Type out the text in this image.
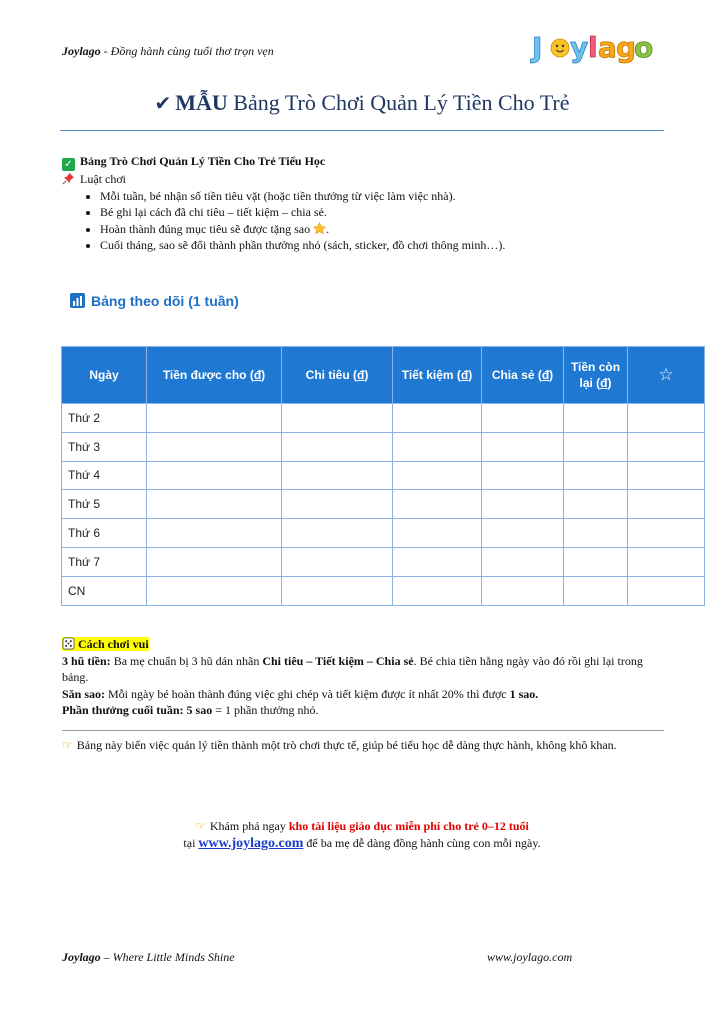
Joylago - Đồng hành cùng tuổi thơ trọn vẹn	J y l a g
o
✔ MẪU Bảng Trò Chơi Quản Lý Tiền Cho Trẻ
✓ Bảng Trò Chơi Quản Lý Tiền Cho Trẻ Tiểu Học
Luật chơi
• Mỗi tuần, bé nhận số tiền tiêu vặt (hoặc tiền thưởng từ việc làm việc nhà).
• Bé ghi lại cách đã chi tiêu – tiết kiệm – chia sẻ.
• Hoàn thành đúng mục tiêu sẽ được tặng sao .
• Cuối tháng, sao sẽ đổi thành phần thưởng nhỏ (sách, sticker, đồ chơi thông minh…).
Bảng theo dõi (1 tuần)
Ngày	Tiền được cho (đ)	Chi tiêu (đ)	Tiết kiệm (đ)	Chia sẻ (đ)	Tiền còn lại (đ)	☆
Thứ 2						
Thứ 3						
Thứ 4						
Thứ 5						
Thứ 6						
Thứ 7						
CN						
Cách chơi vui
3 hũ tiền: Ba mẹ chuẩn bị 3 hũ dán nhãn Chi tiêu – Tiết kiệm – Chia sẻ. Bé chia tiền hằng ngày vào đó rồi ghi lại trong bảng.
Săn sao: Mỗi ngày bé hoàn thành đúng việc ghi chép và tiết kiệm được ít nhất 20% thì được 1 sao.
Phần thưởng cuối tuần: 5 sao = 1 phần thưởng nhỏ.
☞ Bảng này biến việc quản lý tiền thành một trò chơi thực tế, giúp bé tiểu học dễ dàng thực hành, không khô khan.
☞ Khám phá ngay kho tài liệu giáo dục miễn phí cho trẻ 0–12 tuổi
tại www.joylago.com để ba mẹ dễ dàng đồng hành cùng con mỗi ngày.
Joylago – Where Little Minds Shine	www.joylago.com
